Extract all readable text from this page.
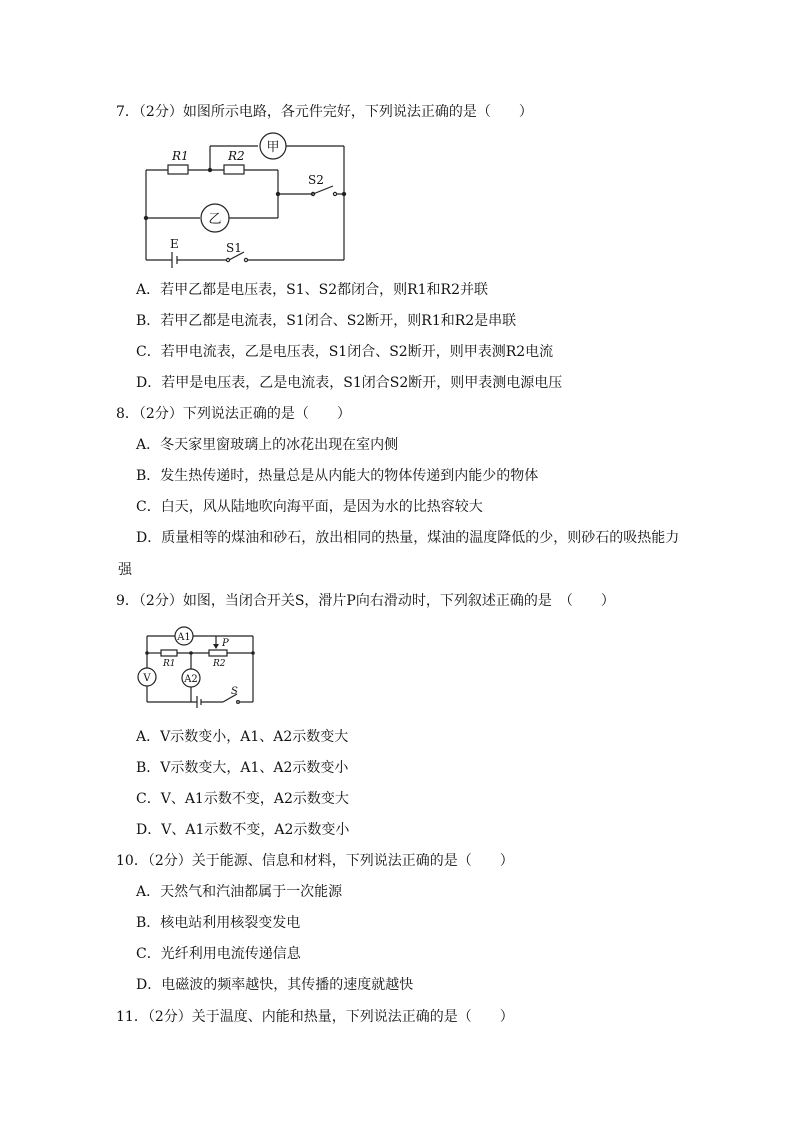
7．（2分）如图所示电路，各元件完好，下列说法正确的是（　　）
甲
R1	R2
S2
乙
E	S1
A．若甲乙都是电压表，S1、S2都闭合，则R1和R2并联
B．若甲乙都是电流表，S1闭合、S2断开，则R1和R2是串联
C．若甲电流表，乙是电压表，S1闭合、S2断开，则甲表测R2电流
D．若甲是电压表，乙是电流表，S1闭合S2断开，则甲表测电源电压
8．（2分）下列说法正确的是（　　）
A．冬天家里窗玻璃上的冰花出现在室内侧
B．发生热传递时，热量总是从内能大的物体传递到内能少的物体
C．白天，风从陆地吹向海平面，是因为水的比热容较大
D．质量相等的煤油和砂石，放出相同的热量，煤油的温度降低的少，则砂石的吸热能力
强
9．（2分）如图，当闭合开关S，滑片P向右滑动时，下列叙述正确的是　（　　）
A1
V
R1	R2
P
A2
S
A．V示数变小，A1、A2示数变大
B．V示数变大，A1、A2示数变小
C．V、A1示数不变，A2示数变大
D．V、A1示数不变，A2示数变小
10．（2分）关于能源、信息和材料，下列说法正确的是（　　）
A．天然气和汽油都属于一次能源
B．核电站利用核裂变发电
C．光纤利用电流传递信息
D．电磁波的频率越快，其传播的速度就越快
11．（2分）关于温度、内能和热量，下列说法正确的是（　　）
